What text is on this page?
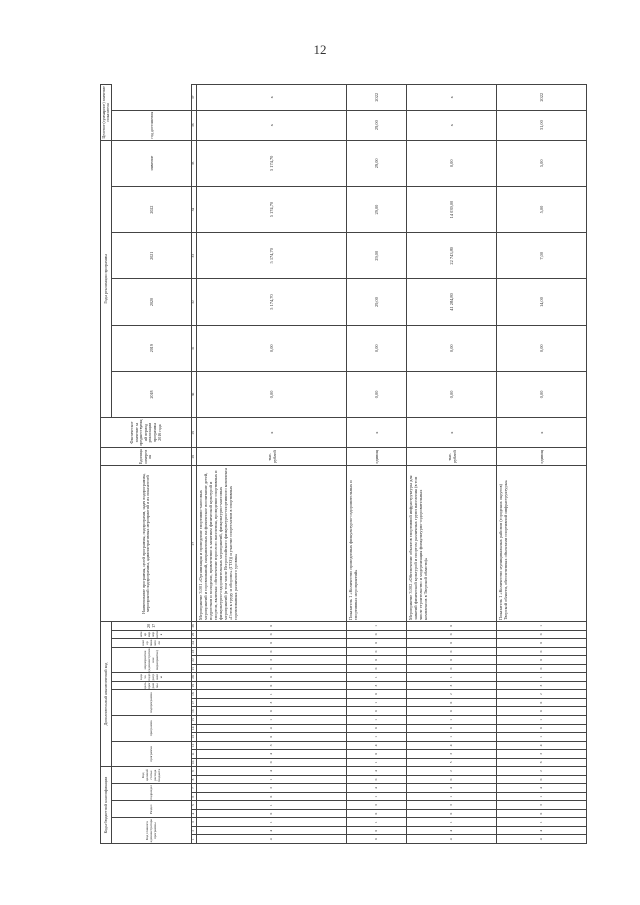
12
Коды бюджетной классификации									Дополнительный аналитический код																	Наименование программы, целей программы, подпрограмм, задач подпрограммы, мероприятий подпрограммы, административных мероприятий и их показателей	Единица измерения	Фактическое значение за предшествующий период реализации программы 2016 года	Годы реализации программы						Целевое (суммарное) значение показателя	
Код главного администратора программы			Раздел		подраздел		Код целевой статьи расхода бюджета		программа			программа			подпрограмма			цель программы	задача подпрограммы	мероприятие (административное мероприятие)			номер показателя	номер мероприятия	2017				2018	2019	2020	2021	2022	значение	год достижения	

1	2	3	4	5	6	7	8	9	10	11	12	13	14	15	16	17	18	19	20	21	22	23	24	25	26	27	28	29	30	31	32	33	34	35	36	37
4	4	1	0	1	0	3	1	4	0	4	3	0	4	1	0	3	1	0	0	0	3	0	0	0	0	Мероприятие 3.001 «Организация и проведение спортивно-массовых мероприятий и соревнований, направленных на физическое воспитание детей, подростков и молодежи, привлечение к занятиям физической культурой и спортом, включая: обеспечение взрослого населения, проведение спортивных и физкультурно-оздоровительных мероприятий, физкультурно-массовых мероприятий (в том числе Всероссийского физкультурно-спортивного комплекса «Готов к труду и обороне» (ГТО)) и участие спортсменов в спортивных соревнованиях различного уровня»	тыс. рублей	х	0,00	0,00	5 174,70	5 174,70	5 174,70	5 174,70	х	х
0	0	1	0	3	1	4	0	4	1	0	4	1	0	1	0	1	0	3	1	0	0	0	0	0	1	Показатель 1 «Количество проведенных физкультурно-оздоровительных и спортивных мероприятий»	единиц	х	0,00	0,00	29,00	29,00	29,00	29,00	29,00	2022
4	4	1	0	3	1	4	0	2	5	3	4	1	0	1	0	0	2	3	1	0	0	0	0	0	0	Мероприятие 3.002 «Обеспечение объектов спортивной инфраструктуры для занятий физической культурой и спортом различных групп населения (в том числе строительство и модернизация физкультурно-оздоровительных комплексов в Тверской области)»	тыс. рублей	х	0,00	0,00	41 284,80	22 743,80	14 039,00	0,00	х	х
4	4	1	0	3	1	4	0	2	6	3	4	1	0	1	0	0	2	3	1	0	0	0	0	0	1	Показатель 1 «Количество муниципальных районов (городских округов) Тверской области, обеспеченных объектами спортивной инфраструктуры»	единиц	х	0,00	0,00	14,00	7,00	5,00	5,00	31,00	2022
